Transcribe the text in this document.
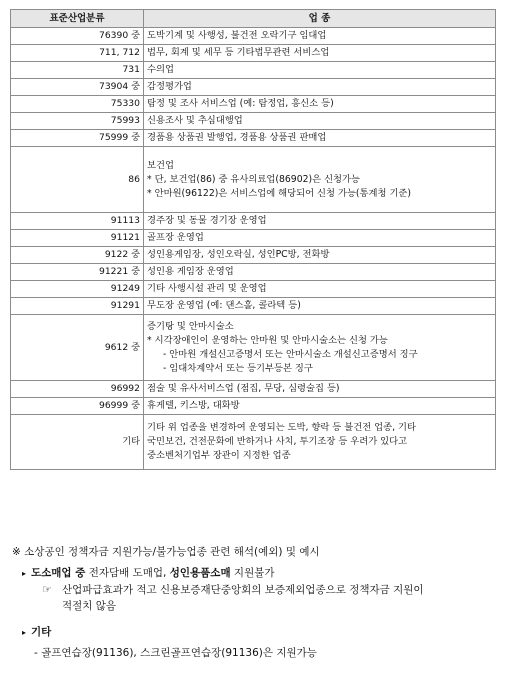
표준산업분류	업 종
76390 중	도박기계 및 사행성, 불건전 오락기구 임대업

711, 712	법무, 회계 및 세무 등 기타법무관련 서비스업

731	수의업

73904 중	감정평가업

75330	탐정 및 조사 서비스업 (예: 탐정업, 흥신소 등)

75993	신용조사 및 추심대행업

75999 중	경품용 상품권 발행업, 경품용 상품권 판매업

86	보건업
* 단, 보건업(86) 중 유사의료업(86902)은 신청가능
* 안마원(96122)은 서비스업에 해당되어 신청 가능(통계청 기준)

91113	경주장 및 동물 경기장 운영업

91121	골프장 운영업

9122 중	성인용게임장, 성인오락실, 성인PC방, 전화방

91221 중	성인용 게임장 운영업

91249	기타 사행시설 관리 및 운영업

91291	무도장 운영업 (예: 댄스홀, 콜라텍 등)

9612 중	증기탕 및 안마시술소
* 시각장애인이 운영하는 안마원 및 안마시술소는 신청 가능
- 안마원 개설신고증명서 또는 안마시술소 개설신고증명서 징구
- 임대차계약서 또는 등기부등본 징구

96992	점술 및 유사서비스업 (점집, 무당, 심령술집 등)

96999 중	휴게텔, 키스방, 대화방

기타	기타 위 업종을 변경하여 운영되는 도박, 향락 등 불건전 업종, 기타
국민보건, 건전문화에 반하거나 사치, 투기조장 등 우려가 있다고
중소벤처기업부 장관이 지정한 업종
※ 소상공인 정책자금 지원가능/불가능업종 관련 해석(예외) 및 예시
▸ 도소매업 중 전자담배 도매업, 성인용품소매 지원불가
☞ 산업파급효과가 적고 신용보증재단중앙회의 보증제외업종으로 정책자금 지원이
적절치 않음
▸ 기타
- 골프연습장(91136), 스크린골프연습장(91136)은 지원가능
